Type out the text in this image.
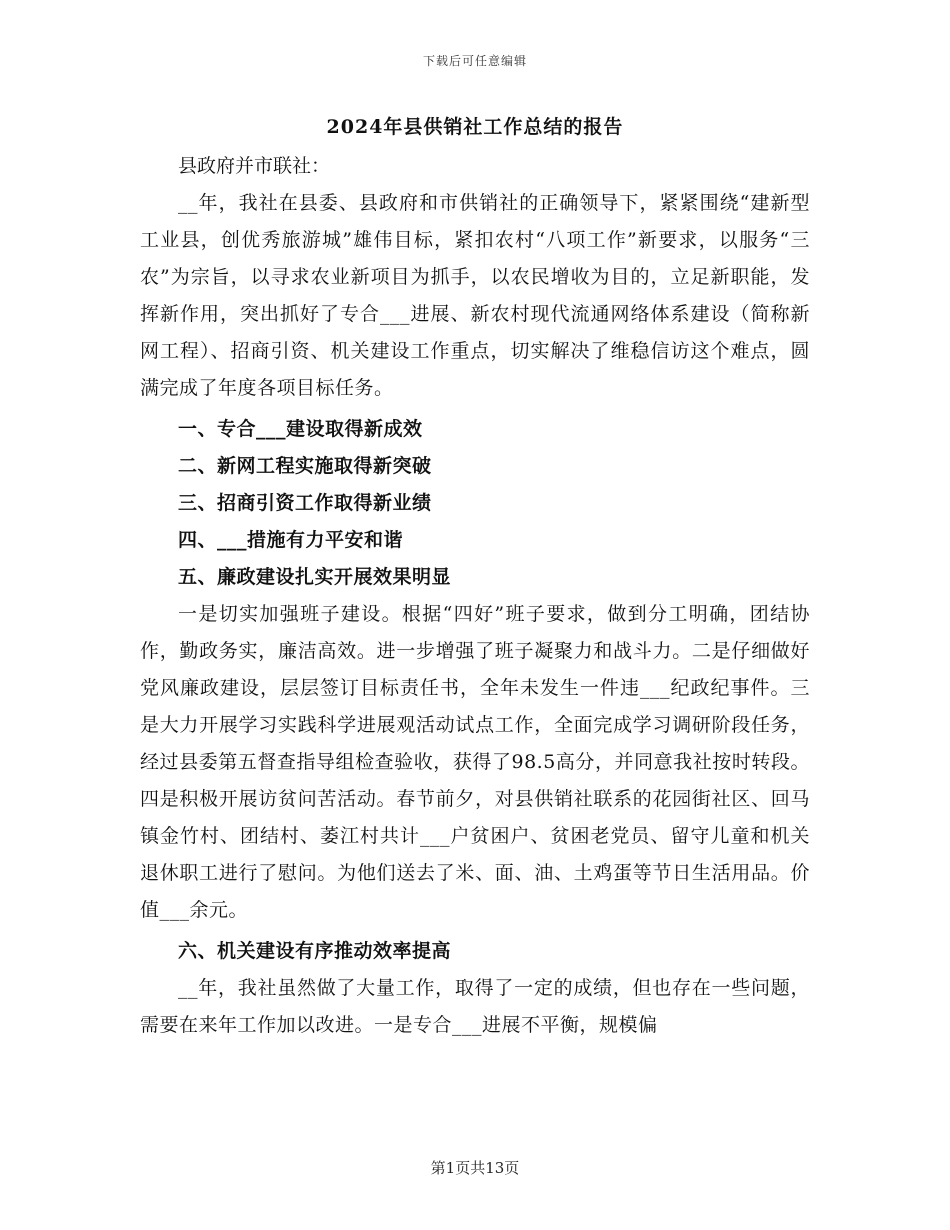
下载后可任意编辑
2024年县供销社工作总结的报告

县政府并市联社：

__年，我社在县委、县政府和市供销社的正确领导下，紧紧围绕“建新型工业县，创优秀旅游城”雄伟目标，紧扣农村“八项工作”新要求，以服务“三农”为宗旨，以寻求农业新项目为抓手，以农民增收为目的，立足新职能，发挥新作用，突出抓好了专合___进展、新农村现代流通网络体系建设（简称新网工程）、招商引资、机关建设工作重点，切实解决了维稳信访这个难点，圆满完成了年度各项目标任务。

一、专合___建设取得新成效

二、新网工程实施取得新突破

三、招商引资工作取得新业绩

四、___措施有力平安和谐

五、廉政建设扎实开展效果明显

一是切实加强班子建设。根据“四好”班子要求，做到分工明确，团结协作，勤政务实，廉洁高效。进一步增强了班子凝聚力和战斗力。二是仔细做好党风廉政建设，层层签订目标责任书，全年未发生一件违___纪政纪事件。三是大力开展学习实践科学进展观活动试点工作，全面完成学习调研阶段任务，经过县委第五督查指导组检查验收，获得了98.5高分，并同意我社按时转段。四是积极开展访贫问苦活动。春节前夕，对县供销社联系的花园街社区、回马镇金竹村、团结村、萎江村共计___户贫困户、贫困老党员、留守儿童和机关退休职工进行了慰问。为他们送去了米、面、油、土鸡蛋等节日生活用品。价值___余元。

六、机关建设有序推动效率提高

__年，我社虽然做了大量工作，取得了一定的成绩，但也存在一些问题，需要在来年工作加以改进。一是专合___进展不平衡，规模偏

第1页共13页
